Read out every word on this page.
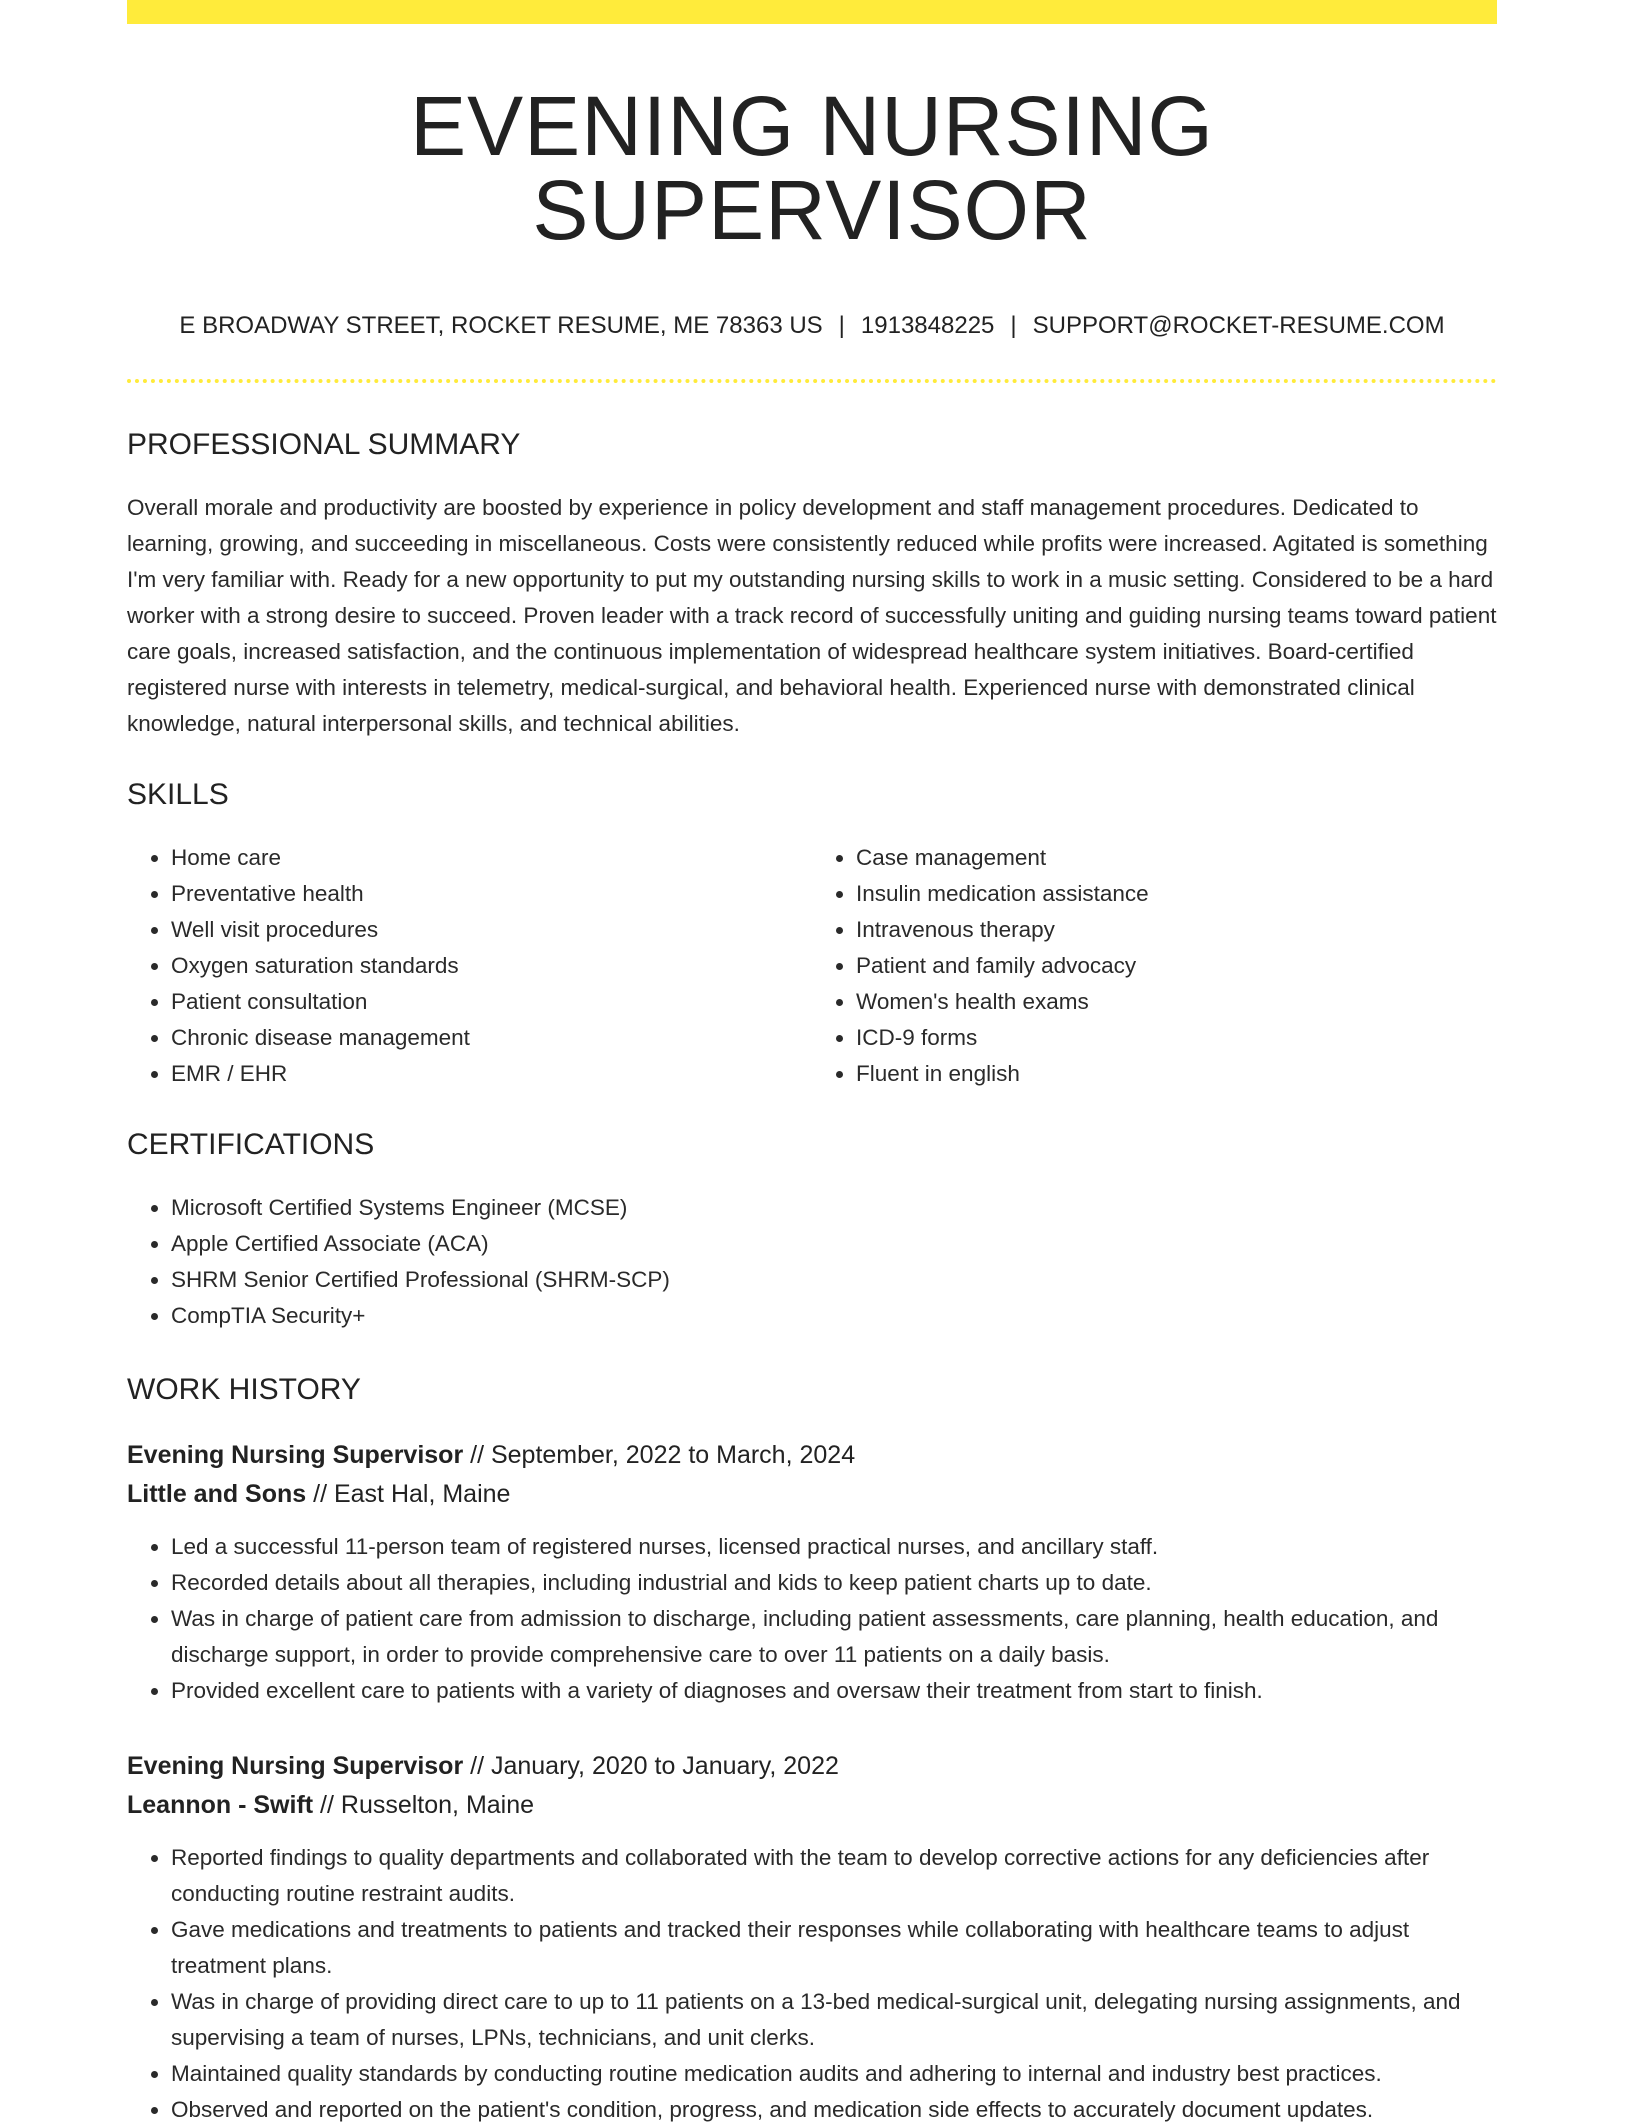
EVENING NURSING SUPERVISOR
E BROADWAY STREET, ROCKET RESUME, ME 78363 US | 1913848225 | SUPPORT@ROCKET-RESUME.COM
PROFESSIONAL SUMMARY

Overall morale and productivity are boosted by experience in policy development and staff management procedures. Dedicated to learning, growing, and succeeding in miscellaneous. Costs were consistently reduced while profits were increased. Agitated is something I'm very familiar with. Ready for a new opportunity to put my outstanding nursing skills to work in a music setting. Considered to be a hard worker with a strong desire to succeed. Proven leader with a track record of successfully uniting and guiding nursing teams toward patient care goals, increased satisfaction, and the continuous implementation of widespread healthcare system initiatives. Board-certified registered nurse with interests in telemetry, medical-surgical, and behavioral health. Experienced nurse with demonstrated clinical knowledge, natural interpersonal skills, and technical abilities.

SKILLS
• Home care
• Preventative health
• Well visit procedures
• Oxygen saturation standards
• Patient consultation
• Chronic disease management
• EMR / EHR
• Case management
• Insulin medication assistance
• Intravenous therapy
• Patient and family advocacy
• Women's health exams
• ICD-9 forms
• Fluent in english
CERTIFICATIONS
• Microsoft Certified Systems Engineer (MCSE)
• Apple Certified Associate (ACA)
• SHRM Senior Certified Professional (SHRM-SCP)
• CompTIA Security+
WORK HISTORY
Evening Nursing Supervisor // September, 2022 to March, 2024
Little and Sons // East Hal, Maine
• Led a successful 11-person team of registered nurses, licensed practical nurses, and ancillary staff.
• Recorded details about all therapies, including industrial and kids to keep patient charts up to date.
• Was in charge of patient care from admission to discharge, including patient assessments, care planning, health education, and discharge support, in order to provide comprehensive care to over 11 patients on a daily basis.
• Provided excellent care to patients with a variety of diagnoses and oversaw their treatment from start to finish.
Evening Nursing Supervisor // January, 2020 to January, 2022
Leannon - Swift // Russelton, Maine
• Reported findings to quality departments and collaborated with the team to develop corrective actions for any deficiencies after conducting routine restraint audits.
• Gave medications and treatments to patients and tracked their responses while collaborating with healthcare teams to adjust treatment plans.
• Was in charge of providing direct care to up to 11 patients on a 13-bed medical-surgical unit, delegating nursing assignments, and supervising a team of nurses, LPNs, technicians, and unit clerks.
• Maintained quality standards by conducting routine medication audits and adhering to internal and industry best practices.
• Observed and reported on the patient's condition, progress, and medication side effects to accurately document updates.
